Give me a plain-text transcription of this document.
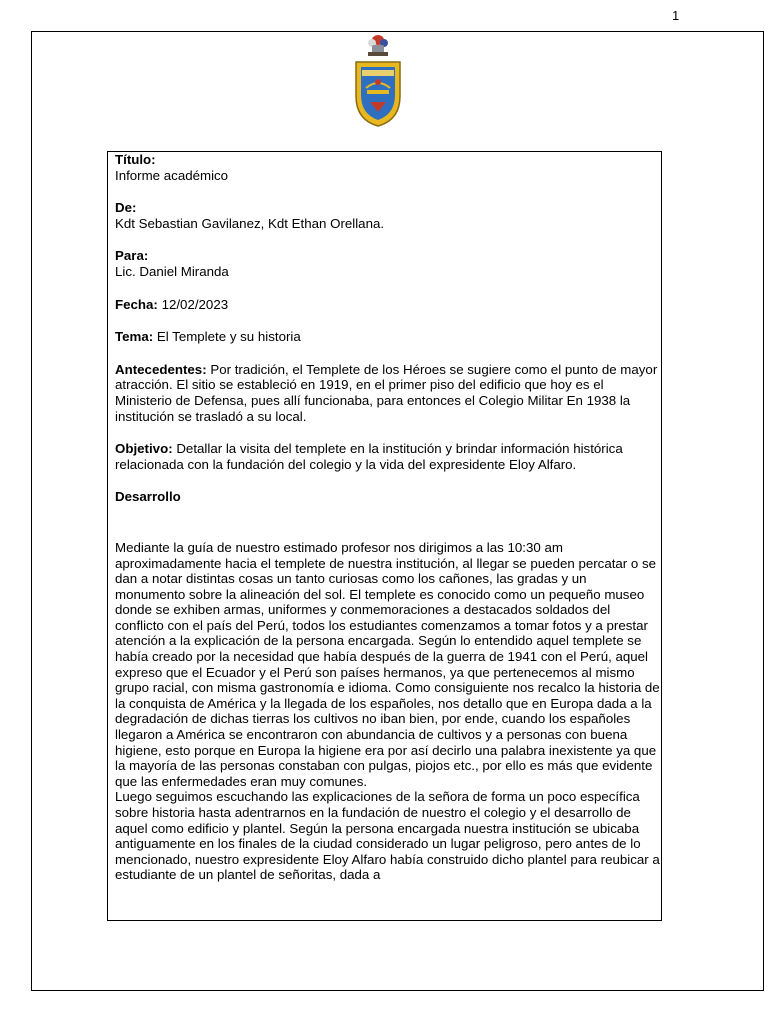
1

Título:

Informe académico

De:

Kdt Sebastian Gavilanez, Kdt Ethan Orellana.

Para:

Lic. Daniel Miranda

Fecha: 12/02/2023

Tema: El Templete y su historia

Antecedentes: Por tradición, el Templete de los Héroes se sugiere como el punto de mayor atracción. El sitio se estableció en 1919, en el primer piso del edificio que hoy es el Ministerio de Defensa, pues allí funcionaba, para entonces el Colegio Militar En 1938 la institución se trasladó a su local.

Objetivo: Detallar la visita del templete en la institución y brindar información histórica relacionada con la fundación del colegio y la vida del expresidente Eloy Alfaro.

Desarrollo

Mediante la guía de nuestro estimado profesor nos dirigimos a las 10:30 am aproximadamente hacia el templete de nuestra institución, al llegar se pueden percatar o se dan a notar distintas cosas un tanto curiosas como los cañones, las gradas y un monumento sobre la alineación del sol. El templete es conocido como un pequeño museo donde se exhiben armas, uniformes y conmemoraciones a destacados soldados del conflicto con el país del Perú, todos los estudiantes comenzamos a tomar fotos y a prestar atención a la explicación de la persona encargada. Según lo entendido aquel templete se había creado por la necesidad que había después de la guerra de 1941 con el Perú, aquel expreso que el Ecuador y el Perú son países hermanos, ya que pertenecemos al mismo grupo racial, con misma gastronomía e idioma. Como consiguiente nos recalco la historia de la conquista de América y la llegada de los españoles, nos detallo que en Europa dada a la degradación de dichas tierras los cultivos no iban bien, por ende, cuando los españoles llegaron a América se encontraron con abundancia de cultivos y a personas con buena higiene, esto porque en Europa la higiene era por así decirlo una palabra inexistente ya que la mayoría de las personas constaban con pulgas, piojos etc., por ello es más que evidente que las enfermedades eran muy comunes.

Luego seguimos escuchando las explicaciones de la señora de forma un poco específica sobre historia hasta adentrarnos en la fundación de nuestro el colegio y el desarrollo de aquel como edificio y plantel. Según la persona encargada nuestra institución se ubicaba antiguamente en los finales de la ciudad considerado un lugar peligroso, pero antes de lo mencionado, nuestro expresidente Eloy Alfaro había construido dicho plantel para reubicar a estudiante de un plantel de señoritas, dada a
